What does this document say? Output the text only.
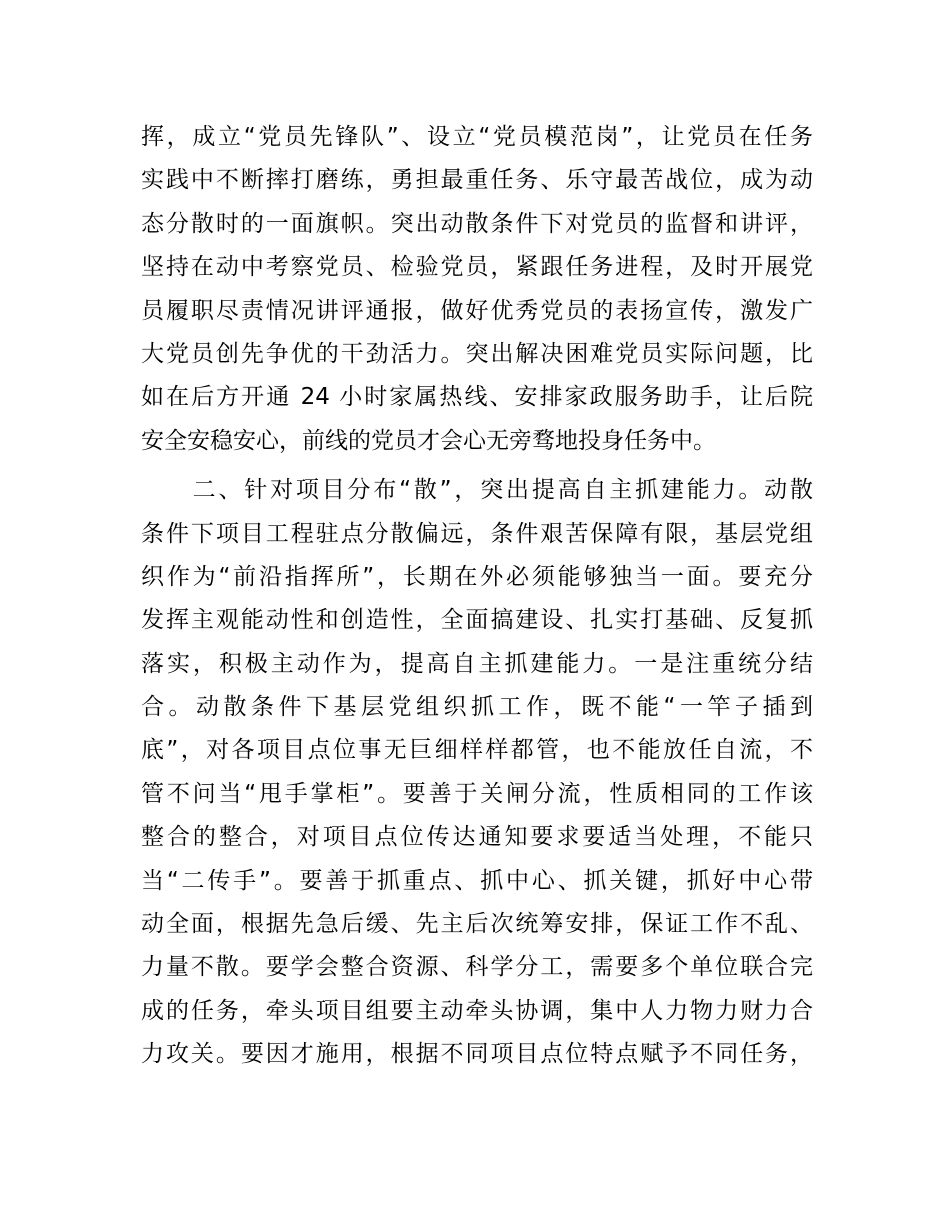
挥，成立“党员先锋队”、设立“党员模范岗”，让党员在任务
实践中不断摔打磨练，勇担最重任务、乐守最苦战位，成为动
态分散时的一面旗帜。突出动散条件下对党员的监督和讲评，
坚持在动中考察党员、检验党员，紧跟任务进程，及时开展党
员履职尽责情况讲评通报，做好优秀党员的表扬宣传，激发广
大党员创先争优的干劲活力。突出解决困难党员实际问题，比
如在后方开通 24 小时家属热线、安排家政服务助手，让后院
安全安稳安心，前线的党员才会心无旁骛地投身任务中。
　　二、针对项目分布“散”，突出提高自主抓建能力。动散
条件下项目工程驻点分散偏远，条件艰苦保障有限，基层党组
织作为“前沿指挥所”，长期在外必须能够独当一面。要充分
发挥主观能动性和创造性，全面搞建设、扎实打基础、反复抓
落实，积极主动作为，提高自主抓建能力。一是注重统分结
合。动散条件下基层党组织抓工作，既不能“一竿子插到
底”，对各项目点位事无巨细样样都管，也不能放任自流，不
管不问当“甩手掌柜”。要善于关闸分流，性质相同的工作该
整合的整合，对项目点位传达通知要求要适当处理，不能只
当“二传手”。要善于抓重点、抓中心、抓关键，抓好中心带
动全面，根据先急后缓、先主后次统筹安排，保证工作不乱、
力量不散。要学会整合资源、科学分工，需要多个单位联合完
成的任务，牵头项目组要主动牵头协调，集中人力物力财力合
力攻关。要因才施用，根据不同项目点位特点赋予不同任务，
